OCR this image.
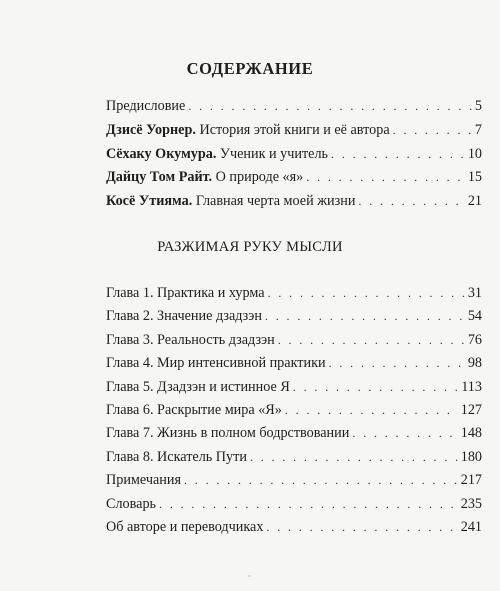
СОДЕРЖАНИЕ
Предисловие . . .	5
Дзисё Уорнер. История этой книги и её автора . . .	7
Сёхаку Окумура. Ученик и учитель . . .	10
Дайцу Том Райт. О природе «я» . . .	15
Косё Утияма. Главная черта моей жизни . . .	21
РАЗЖИМАЯ РУКУ МЫСЛИ
Глава 1. Практика и хурма . . .	31
Глава 2. Значение дзадзэн . . .	54
Глава 3. Реальность дзадзэн . . .	76
Глава 4. Мир интенсивной практики . . .	98
Глава 5. Дзадзэн и истинное Я . . .	113
Глава 6. Раскрытие мира «Я» . . .	127
Глава 7. Жизнь в полном бодрствовании . . .	148
Глава 8. Искатель Пути . . .	180
Примечания . . .	217
Словарь . . .	235
Об авторе и переводчиках . . .	241
